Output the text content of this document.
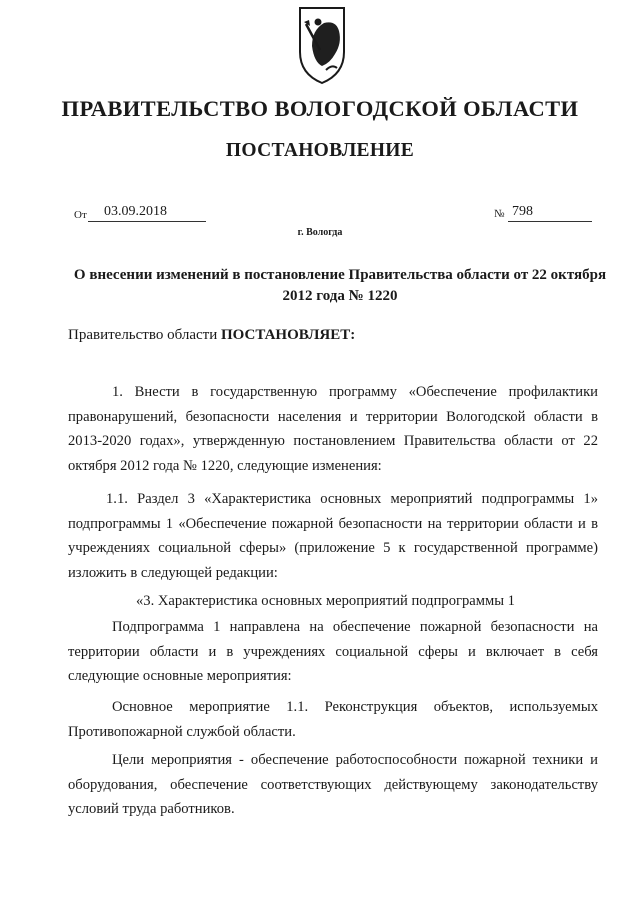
ПРАВИТЕЛЬСТВО ВОЛОГОДСКОЙ ОБЛАСТИ
ПОСТАНОВЛЕНИЕ
От 03.09.2018	№ 798
г. Вологда
О внесении изменений в постановление Правительства области от 22 октября 2012 года № 1220
Правительство области ПОСТАНОВЛЯЕТ:
1. Внести в государственную программу «Обеспечение профилактики правонарушений, безопасности населения и территории Вологодской области в 2013-2020 годах», утвержденную постановлением Правительства области от 22 октября 2012 года № 1220, следующие изменения:
1.1. Раздел 3 «Характеристика основных мероприятий подпрограммы 1» подпрограммы 1 «Обеспечение пожарной безопасности на территории области и в учреждениях социальной сферы» (приложение 5 к государственной программе) изложить в следующей редакции:
«3. Характеристика основных мероприятий подпрограммы 1
Подпрограмма 1 направлена на обеспечение пожарной безопасности на территории области и в учреждениях социальной сферы и включает в себя следующие основные мероприятия:
Основное мероприятие 1.1. Реконструкция объектов, используемых Противопожарной службой области.
Цели мероприятия - обеспечение работоспособности пожарной техники и оборудования, обеспечение соответствующих действующему законодательству условий труда работников.
